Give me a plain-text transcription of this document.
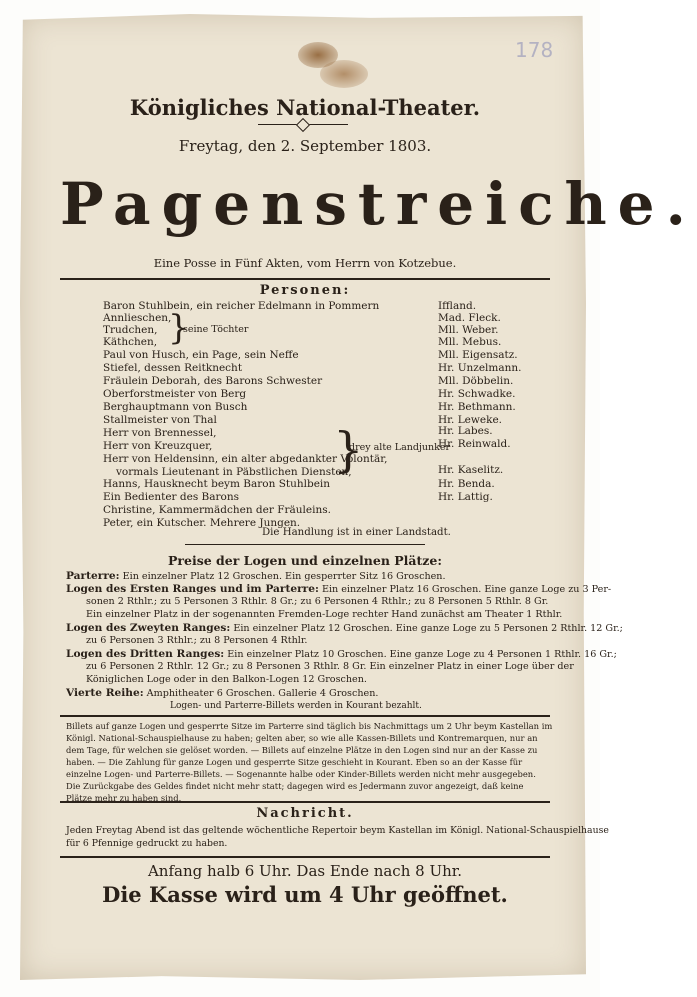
178
Königliches National-Theater.
Freytag, den 2. September 1803.
Pagenstreiche.
Eine Posse in Fünf Akten, vom Herrn von Kotzebue.
Personen:
Baron Stuhlbein, ein reicher Edelmann in Pommern	Iffland.
Annlieschen,	Mad. Fleck.
Trudchen,	Mll. Weber.
Käthchen,	Mll. Mebus.
}
seine Töchter
Paul von Husch, ein Page, sein Neffe	Mll. Eigensatz.
Stiefel, dessen Reitknecht	Hr. Unzelmann.
Fräulein Deborah, des Barons Schwester	Mll. Döbbelin.
Oberforstmeister von Berg	Hr. Schwadke.
Berghauptmann von Busch	Hr. Bethmann.
Stallmeister von Thal	Hr. Leweke.
Herr von Brennessel,	Hr. Labes.
Herr von Kreuzquer,	Hr. Reinwald.
Herr von Heldensinn, ein alter abgedankter Volontär,
vormals Lieutenant in Päbstlichen Diensten,	Hr. Kaselitz.
}
drey alte Landjunker
Hanns, Hausknecht beym Baron Stuhlbein	Hr. Benda.
Ein Bedienter des Barons	Hr. Lattig.
Christine, Kammermädchen der Fräuleins.
Peter, ein Kutscher. Mehrere Jungen.
Die Handlung ist in einer Landstadt.
Preise der Logen und einzelnen Plätze:
Parterre: Ein einzelner Platz 12 Groschen. Ein gesperrter Sitz 16 Groschen.
Logen des Ersten Ranges und im Parterre: Ein einzelner Platz 16 Groschen. Eine ganze Loge zu 3 Per-
sonen 2 Rthlr.; zu 5 Personen 3 Rthlr. 8 Gr.; zu 6 Personen 4 Rthlr.; zu 8 Personen 5 Rthlr. 8 Gr.
Ein einzelner Platz in der sogenannten Fremden-Loge rechter Hand zunächst am Theater 1 Rthlr.
Logen des Zweyten Ranges: Ein einzelner Platz 12 Groschen. Eine ganze Loge zu 5 Personen 2 Rthlr. 12 Gr.;
zu 6 Personen 3 Rthlr.; zu 8 Personen 4 Rthlr.
Logen des Dritten Ranges: Ein einzelner Platz 10 Groschen. Eine ganze Loge zu 4 Personen 1 Rthlr. 16 Gr.;
zu 6 Personen 2 Rthlr. 12 Gr.; zu 8 Personen 3 Rthlr. 8 Gr. Ein einzelner Platz in einer Loge über der
Königlichen Loge oder in den Balkon-Logen 12 Groschen.
Vierte Reihe: Amphitheater 6 Groschen. Gallerie 4 Groschen.
Logen- und Parterre-Billets werden in Kourant bezahlt.
Billets auf ganze Logen und gesperrte Sitze im Parterre sind täglich bis Nachmittags um 2 Uhr beym Kastellan im
Königl. National-Schauspielhause zu haben; gelten aber, so wie alle Kassen-Billets und Kontremarquen, nur an
dem Tage, für welchen sie gelöset worden. — Billets auf einzelne Plätze in den Logen sind nur an der Kasse zu
haben. — Die Zahlung für ganze Logen und gesperrte Sitze geschieht in Kourant. Eben so an der Kasse für
einzelne Logen- und Parterre-Billets. — Sogenannte halbe oder Kinder-Billets werden nicht mehr ausgegeben.
Die Zurückgabe des Geldes findet nicht mehr statt; dagegen wird es Jedermann zuvor angezeigt, daß keine
Plätze mehr zu haben sind.
Nachricht.
Jeden Freytag Abend ist das geltende wöchentliche Repertoir beym Kastellan im Königl. National-Schauspielhause
für 6 Pfennige gedruckt zu haben.
Anfang halb 6 Uhr. Das Ende nach 8 Uhr.
Die Kasse wird um 4 Uhr geöffnet.
